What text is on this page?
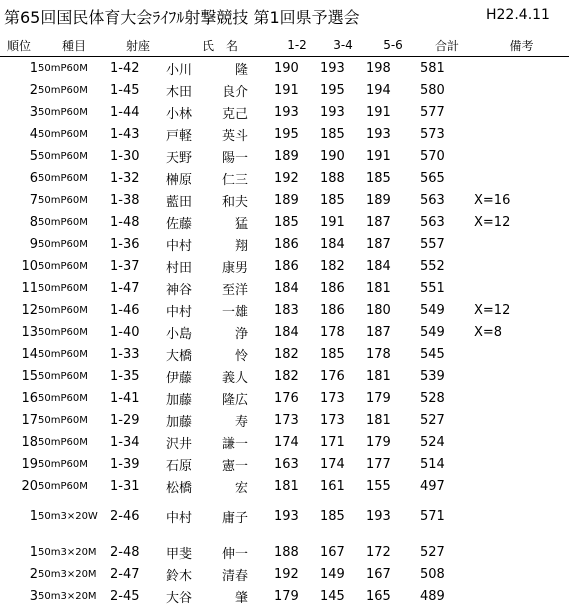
第65回国民体育大会ﾗｲﾌﾙ射撃競技 第1回県予選会	H22.4.11
順位	種目	射座	氏　名	1-2	3-4	5-6	合計	備考
1	50mP60M	1-42	小川 隆	190	193	198	581	
2	50mP60M	1-45	木田 良介	191	195	194	580	
3	50mP60M	1-44	小林 克己	193	193	191	577	
4	50mP60M	1-43	戸軽 英斗	195	185	193	573	
5	50mP60M	1-30	天野 陽一	189	190	191	570	
6	50mP60M	1-32	榊原 仁三	192	188	185	565	
7	50mP60M	1-38	藍田 和夫	189	185	189	563	X=16
8	50mP60M	1-48	佐藤 猛	185	191	187	563	X=12
9	50mP60M	1-36	中村 翔	186	184	187	557	
10	50mP60M	1-37	村田 康男	186	182	184	552	
11	50mP60M	1-47	神谷 至洋	184	186	181	551	
12	50mP60M	1-46	中村 一雄	183	186	180	549	X=12
13	50mP60M	1-40	小島 浄	184	178	187	549	X=8
14	50mP60M	1-33	大橋 怜	182	185	178	545	
15	50mP60M	1-35	伊藤 義人	182	176	181	539	
16	50mP60M	1-41	加藤 隆広	176	173	179	528	
17	50mP60M	1-29	加藤 寿	173	173	181	527	
18	50mP60M	1-34	沢井 謙一	174	171	179	524	
19	50mP60M	1-39	石原 憲一	163	174	177	514	
20	50mP60M	1-31	松橋 宏	181	161	155	497	

1	50m3×20W	2-46	中村 庸子	193	185	193	571	

1	50m3×20M	2-48	甲斐 伸一	188	167	172	527	
2	50m3×20M	2-47	鈴木 清春	192	149	167	508	
3	50m3×20M	2-45	大谷 肇	179	145	165	489	
